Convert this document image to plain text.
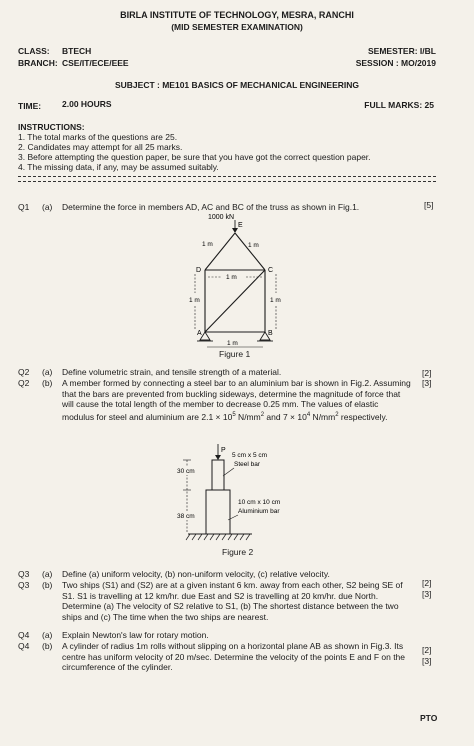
BIRLA INSTITUTE OF TECHNOLOGY, MESRA, RANCHI
(MID SEMESTER EXAMINATION)
CLASS: BTECH
BRANCH: CSE/IT/ECE/EEE
SEMESTER: I/BL
SESSION : MO/2019
SUBJECT : ME101 BASICS OF MECHANICAL ENGINEERING
TIME: 2.00 HOURS	FULL MARKS: 25
INSTRUCTIONS:
1. The total marks of the questions are 25.
2. Candidates may attempt for all 25 marks.
3. Before attempting the question paper, be sure that you have got the correct question paper.
4. The missing data, if any, may be assumed suitably.
Q1 (a) Determine the force in members AD, AC and BC of the truss as shown in Fig.1.	[5]
1000 kN
E
D	C
A	B
1 m	1 m
1 m
1 m	1 m
1 m
Figure 1
Q2 (a) Define volumetric strain, and tensile strength of a material.	[2]
Q2 (b) A member formed by connecting a steel bar to an aluminium bar is shown in Fig.2. Assuming that the bars are prevented from buckling sideways, determine the magnitude of force that will cause the total length of the member to decrease 0.25 mm. The values of elastic modulus for steel and aluminium are $2.1 \times 10^5$ $N/mm^2$ and $7 \times 10^4$ $N/mm^2$ respectively.
[3]
P
30 cm
38 cm
5 cm x 5 cm
Steel bar
10 cm x 10 cm
Aluminium bar
Figure 2
Q3 (a) Define (a) uniform velocity, (b) non-uniform velocity, (c) relative velocity.
[2]
Q3 (b) Two ships (S1) and (S2) are at a given instant 6 km. away from each other, S2 being SE of S1. S1 is travelling at 12 km/hr. due East and S2 is travelling at 20 km/hr. due North. Determine (a) The velocity of S2 relative to S1, (b) The shortest distance between the two ships and (c) The time when the two ships are nearest.
[3]
Q4 (a) Explain Newton's law for rotary motion.
[2]
Q4 (b) A cylinder of radius 1m rolls without slipping on a horizontal plane AB as shown in Fig.3. Its centre has uniform velocity of 20 m/sec. Determine the velocity of the points E and F on the circumference of the cylinder.
[3]
PTO
